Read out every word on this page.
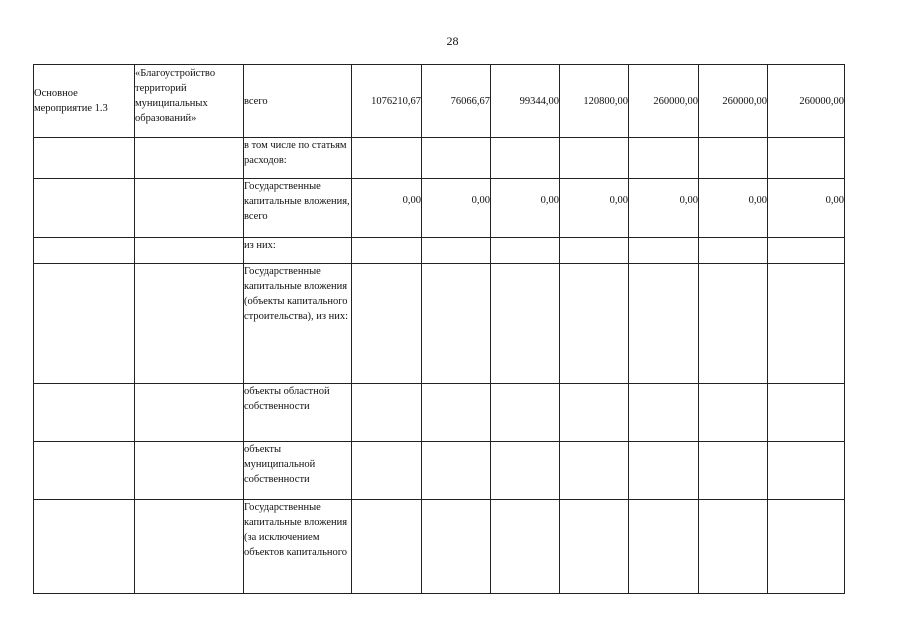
28
Основное мероприятие 1.3	«Благоустройство территорий муниципальных образований»	всего	1076210,67	76066,67	99344,00	120800,00	260000,00	260000,00	260000,00
		в том числе по статьям расходов:							
		Государственные капитальные вложения, всего	0,00	0,00	0,00	0,00	0,00	0,00	0,00
		из них:							
		Государственные капитальные вложения (объекты капитального строительства), из них:							
		объекты областной собственности							
		объекты муниципальной собственности							
		Государственные капитальные вложения (за исключением объектов капитального							
